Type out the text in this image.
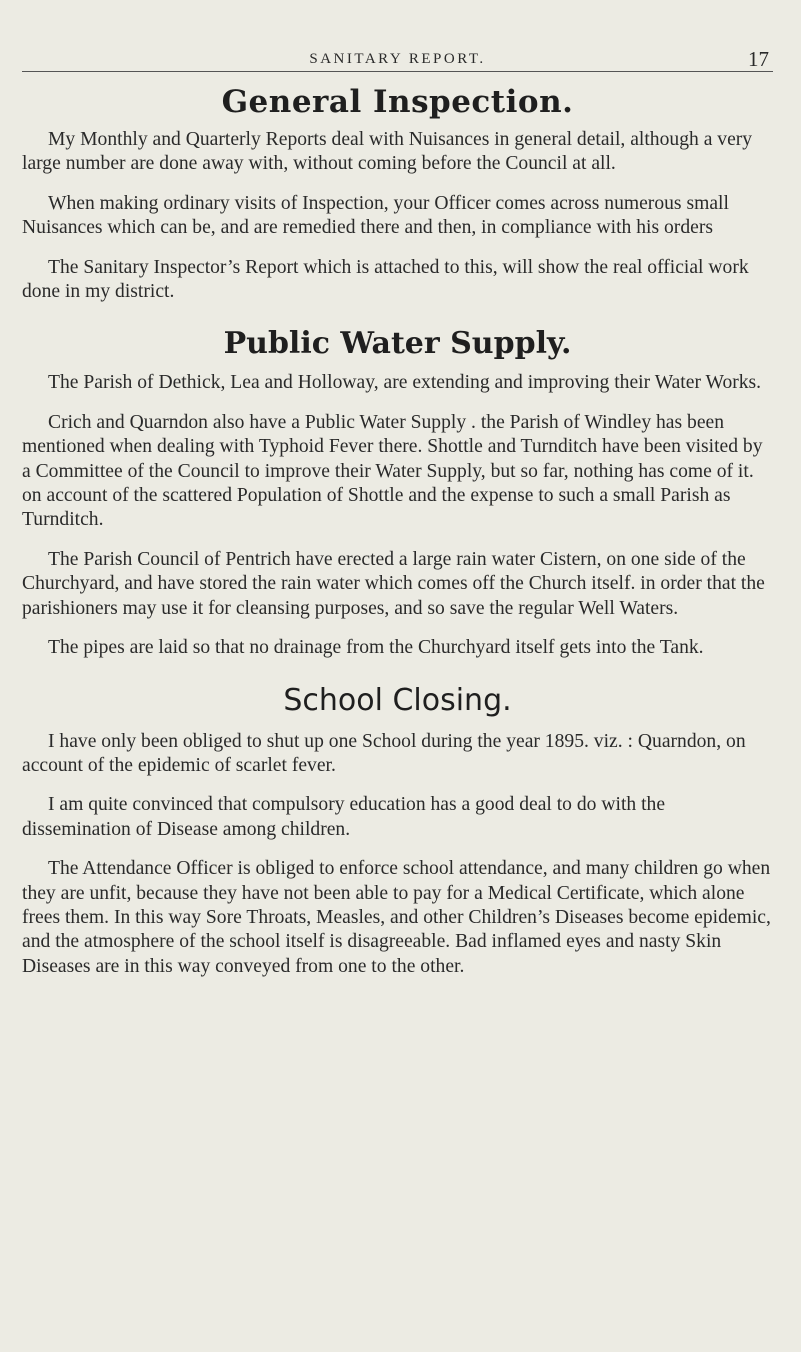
SANITARY REPORT.	17
General Inspection.

My Monthly and Quarterly Reports deal with Nuisances in general detail, although a very large number are done away with, without coming before the Council at all.

When making ordinary visits of Inspection, your Officer comes across numerous small Nuisances which can be, and are remedied there and then, in compliance with his orders

The Sanitary Inspector’s Report which is attached to this, will show the real official work done in my district.

Public Water Supply.

The Parish of Dethick, Lea and Holloway, are extending and improving their Water Works.

Crich and Quarndon also have a Public Water Supply . the Parish of Windley has been mentioned when dealing with Typhoid Fever there. Shottle and Turnditch have been visited by a Committee of the Council to improve their Water Supply, but so far, nothing has come of it. on account of the scattered Population of Shottle and the expense to such a small Parish as Turnditch.

The Parish Council of Pentrich have erected a large rain water Cistern, on one side of the Churchyard, and have stored the rain water which comes off the Church itself. in order that the parishioners may use it for cleansing purposes, and so save the regular Well Waters.

The pipes are laid so that no drainage from the Churchyard itself gets into the Tank.

School Closing.

I have only been obliged to shut up one School during the year 1895. viz. : Quarndon, on account of the epidemic of scarlet fever.

I am quite convinced that compulsory education has a good deal to do with the dissemination of Disease among children.

The Attendance Officer is obliged to enforce school attendance, and many children go when they are unfit, because they have not been able to pay for a Medical Certificate, which alone frees them. In this way Sore Throats, Measles, and other Children’s Diseases become epidemic, and the atmosphere of the school itself is disagreeable. Bad inflamed eyes and nasty Skin Diseases are in this way conveyed from one to the other.
